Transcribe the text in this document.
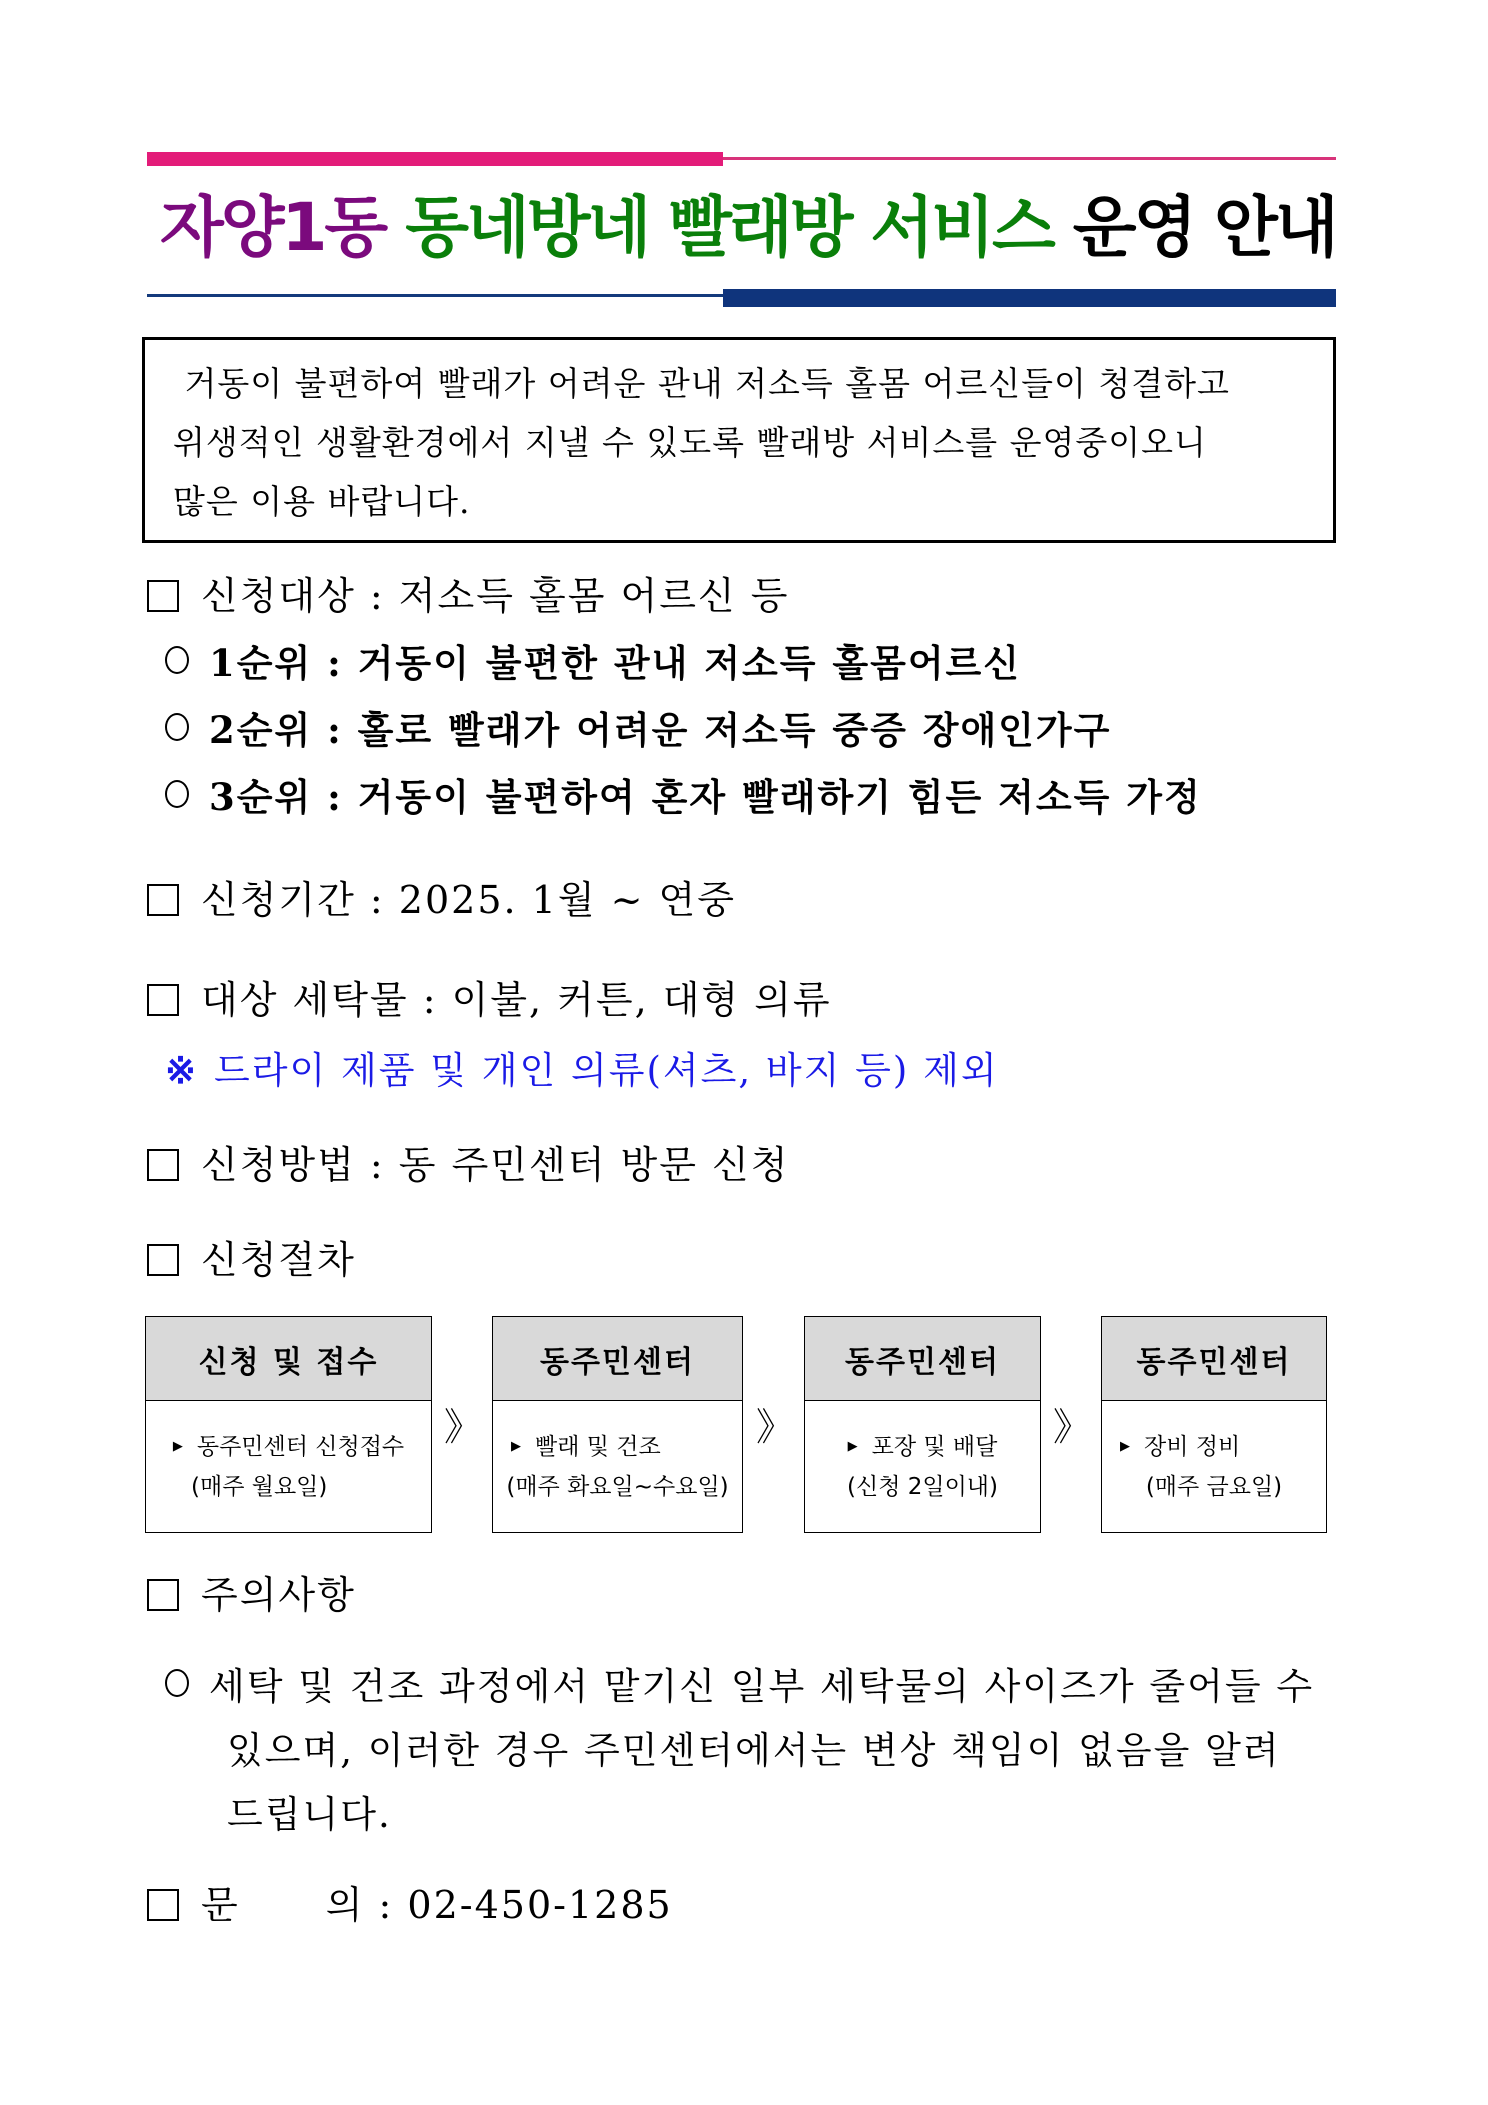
자양1동 동네방네 빨래방 서비스 운영 안내

거동이 불편하여 빨래가 어려운 관내 저소득 홀몸 어르신들이 청결하고

위생적인 생활환경에서 지낼 수 있도록 빨래방 서비스를 운영중이오니

많은 이용 바랍니다.

신청대상 : 저소득 홀몸 어르신 등
1순위 : 거동이 불편한 관내 저소득 홀몸어르신
2순위 : 홀로 빨래가 어려운 저소득 중증 장애인가구
3순위 : 거동이 불편하여 혼자 빨래하기 힘든 저소득 가정
신청기간 : 2025. 1월 ~ 연중
대상 세탁물 : 이불, 커튼, 대형 의류
※ 드라이 제품 및 개인 의류(셔츠, 바지 등) 제외
신청방법 : 동 주민센터 방문 신청
신청절차
신청 및 접수
▶ 동주민센터 신청접수
(매주 월요일)
》
동주민센터
▶ 빨래 및 건조
(매주 화요일~수요일)
》
동주민센터
▶ 포장 및 배달
(신청 2일이내)
》
동주민센터
▶ 장비 정비
(매주 금요일)
주의사항
세탁 및 건조 과정에서 맡기신 일부 세탁물의 사이즈가 줄어들 수
있으며, 이러한 경우 주민센터에서는 변상 책임이 없음을 알려
드립니다.
문 의 : 02-450-1285
